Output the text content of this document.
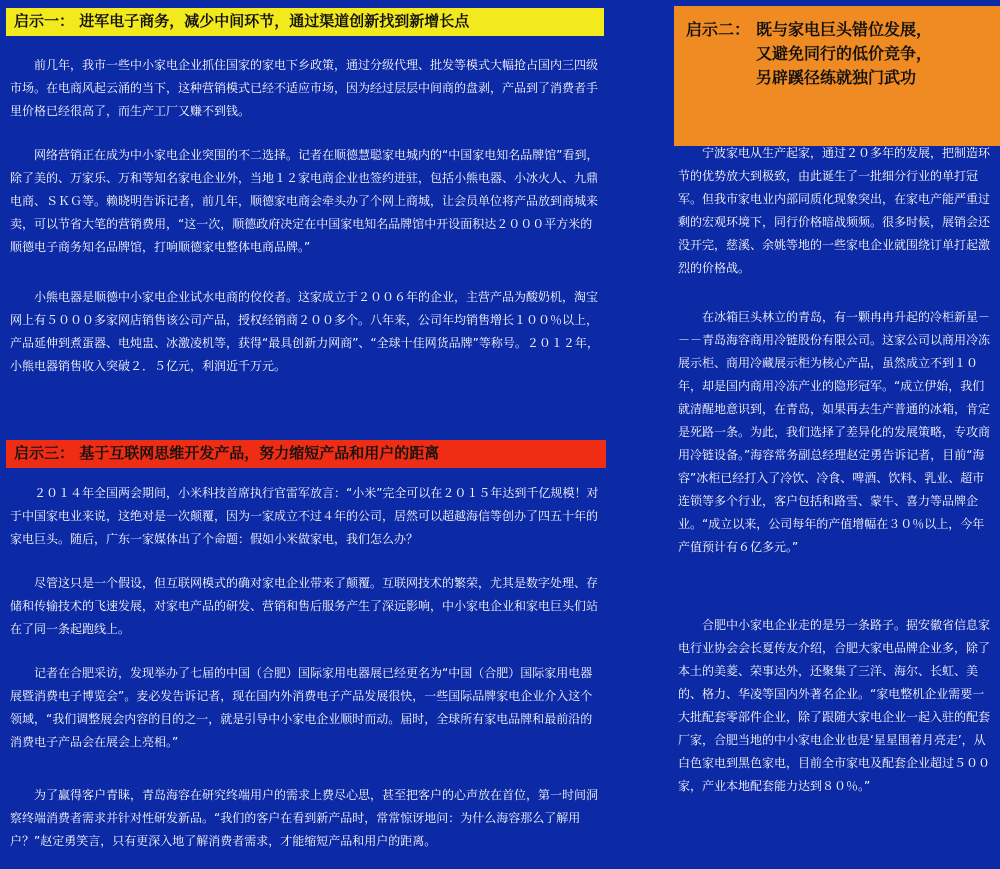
启示一： 进军电子商务，减少中间环节，通过渠道创新找到新增长点

前几年，我市一些中小家电企业抓住国家的家电下乡政策，通过分级代理、批发等模式大幅抢占国内三四级市场。在电商风起云涌的当下，这种营销模式已经不适应市场，因为经过层层中间商的盘剥，产品到了消费者手里价格已经很高了，而生产工厂又赚不到钱。

网络营销正在成为中小家电企业突围的不二选择。记者在顺德慧聪家电城内的“中国家电知名品牌馆”看到，除了美的、万家乐、万和等知名家电企业外，当地１２家电商企业也签约进驻，包括小熊电器、小冰火人、九鼎电商、ＳＫＧ等。赖晓明告诉记者，前几年，顺德家电商会牵头办了个网上商城，让会员单位将产品放到商城来卖，可以节省大笔的营销费用，“这一次，顺德政府决定在中国家电知名品牌馆中开设面积达２０００平方米的顺德电子商务知名品牌馆，打响顺德家电整体电商品牌。”

小熊电器是顺德中小家电企业试水电商的佼佼者。这家成立于２００６年的企业，主营产品为酸奶机，淘宝网上有５０００多家网店销售该公司产品，授权经销商２００多个。八年来，公司年均销售增长１００％以上，产品延伸到煮蛋器、电炖盅、冰激凌机等，获得“最具创新力网商”、“全球十佳网货品牌”等称号。２０１２年，小熊电器销售收入突破２．５亿元，利润近千万元。

启示三： 基于互联网思维开发产品，努力缩短产品和用户的距离

２０１４年全国两会期间，小米科技首席执行官雷军放言：“小米”完全可以在２０１５年达到千亿规模！对于中国家电业来说，这绝对是一次颠覆，因为一家成立不过４年的公司，居然可以超越海信等创办了四五十年的家电巨头。随后，广东一家媒体出了个命题：假如小米做家电，我们怎么办？

尽管这只是一个假设，但互联网模式的确对家电企业带来了颠覆。互联网技术的繁荣，尤其是数字处理、存储和传输技术的飞速发展，对家电产品的研发、营销和售后服务产生了深远影响，中小家电企业和家电巨头们站在了同一条起跑线上。

记者在合肥采访，发现举办了七届的中国（合肥）国际家用电器展已经更名为“中国（合肥）国际家用电器展暨消费电子博览会”。麦必发告诉记者，现在国内外消费电子产品发展很快，一些国际品牌家电企业介入这个领域，“我们调整展会内容的目的之一，就是引导中小家电企业顺时而动。届时，全球所有家电品牌和最前沿的消费电子产品会在展会上亮相。”

为了赢得客户青睐，青岛海容在研究终端用户的需求上费尽心思，甚至把客户的心声放在首位，第一时间洞察终端消费者需求并针对性研发新品。“我们的客户在看到新产品时，常常惊讶地问：为什么海容那么了解用户？”赵定勇笑言，只有更深入地了解消费者需求，才能缩短产品和用户的距离。

启示二： 既与家电巨头错位发展，
又避免同行的低价竞争，
另辟蹊径练就独门武功

宁波家电从生产起家，通过２０多年的发展，把制造环节的优势放大到极致，由此诞生了一批细分行业的单打冠军。但我市家电业内部同质化现象突出，在家电产能严重过剩的宏观环境下，同行价格暗战频频。很多时候，展销会还没开完，慈溪、余姚等地的一些家电企业就围绕订单打起激烈的价格战。

在冰箱巨头林立的青岛，有一颗冉冉升起的冷柜新星－－－青岛海容商用冷链股份有限公司。这家公司以商用冷冻展示柜、商用冷藏展示柜为核心产品，虽然成立不到１０年，却是国内商用冷冻产业的隐形冠军。“成立伊始，我们就清醒地意识到，在青岛，如果再去生产普通的冰箱，肯定是死路一条。为此，我们选择了差异化的发展策略，专攻商用冷链设备。”海容常务副总经理赵定勇告诉记者，目前“海容”冰柜已经打入了冷饮、冷食、啤酒、饮料、乳业、超市连锁等多个行业，客户包括和路雪、蒙牛、喜力等品牌企业。“成立以来，公司每年的产值增幅在３０％以上，今年产值预计有６亿多元。”

合肥中小家电企业走的是另一条路子。据安徽省信息家电行业协会会长夏传友介绍，合肥大家电品牌企业多，除了本土的美菱、荣事达外，还聚集了三洋、海尔、长虹、美的、格力、华凌等国内外著名企业。“家电整机企业需要一大批配套零部件企业，除了跟随大家电企业一起入驻的配套厂家，合肥当地的中小家电企业也是‘星星围着月亮走’，从白色家电到黑色家电，目前全市家电及配套企业超过５００家，产业本地配套能力达到８０％。”
